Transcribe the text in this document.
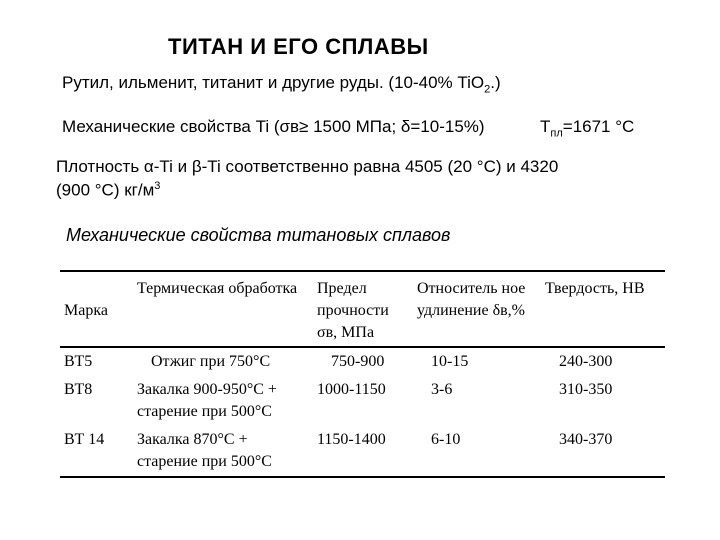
ТИТАН И ЕГО СПЛАВЫ
Рутил, ильменит, титанит и другие руды. (10-40% TiO$_2$.)
Механические свойства Ti (σв≥ 1500 МПа; δ=10-15%)	$Т_{пл}=1671$ °С
Плотность α-Ti и β-Ti соответственно равна 4505 (20 °С) и 4320
(900 °С) $кг/м^3$
Механические свойства титановых сплавов
Марка	Термическая обработка	Предел прочности σв, МПа	Относитель ное удлинение δв,%	Твердость, НВ
ВТ5	Отжиг при 750°С	750-900	10-15	240-300
ВТ8	Закалка 900-950°С + старение при 500°С	1000-1150	3-6	310-350
ВТ 14	Закалка 870°С + старение при 500°С	1150-1400	6-10	340-370
